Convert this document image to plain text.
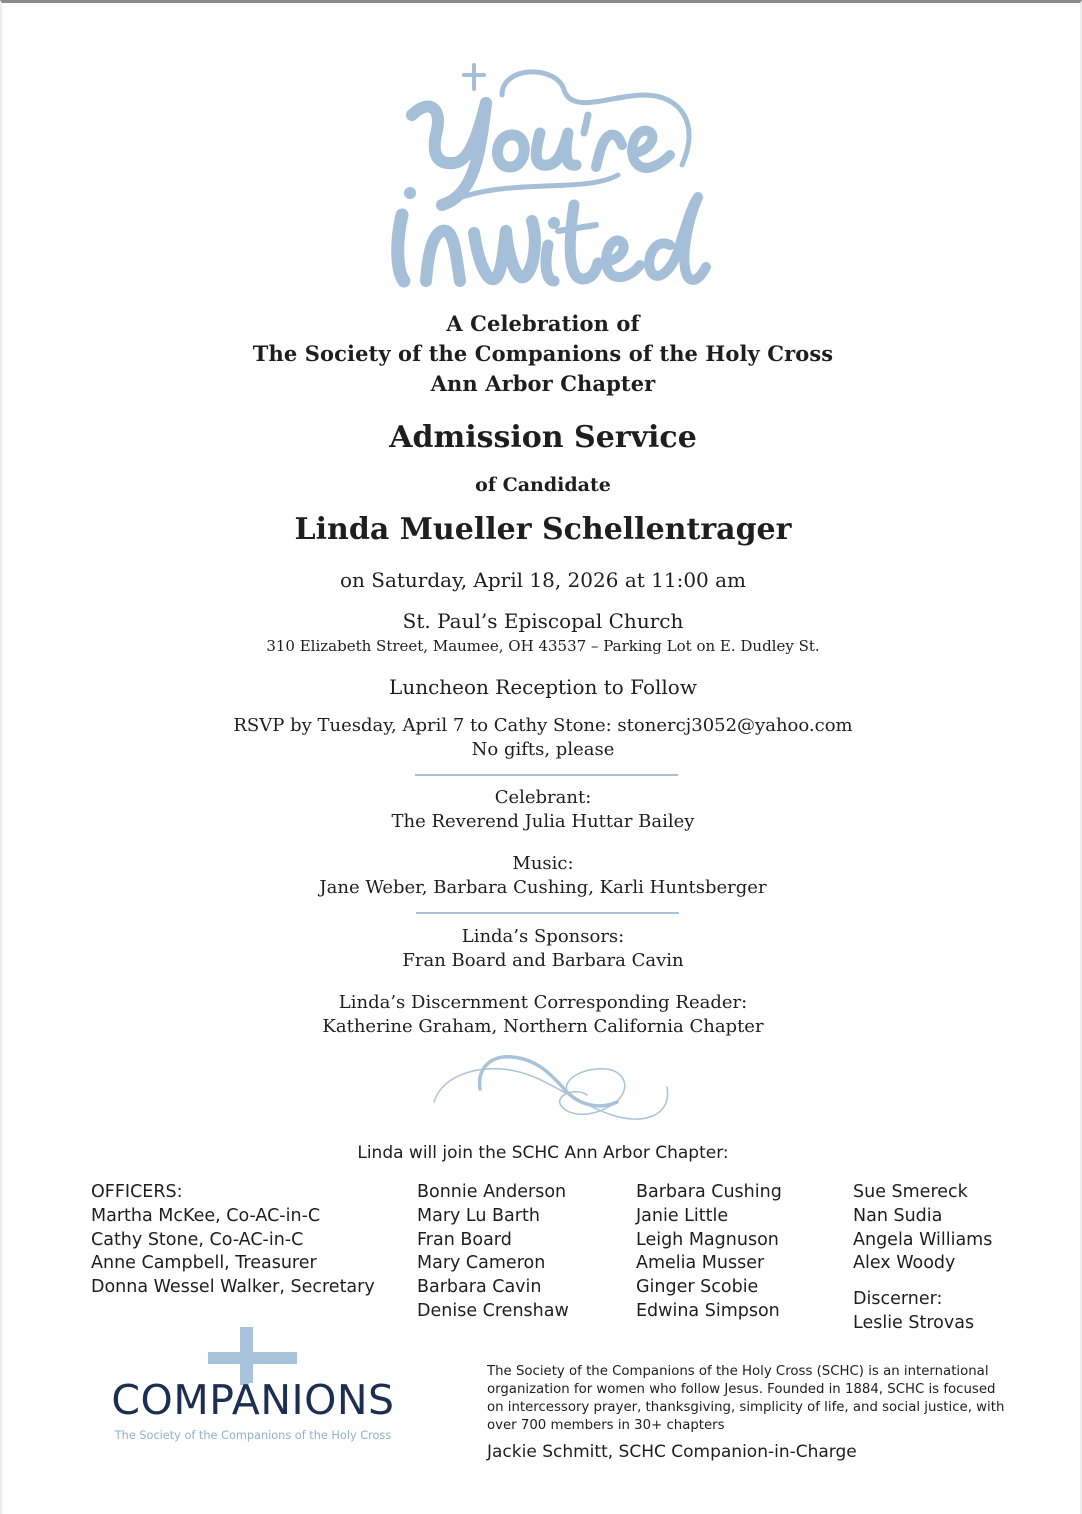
A Celebration of
The Society of the Companions of the Holy Cross
Ann Arbor Chapter
Admission Service
of Candidate
Linda Mueller Schellentrager
on Saturday, April 18, 2026 at 11:00 am
St. Paul’s Episcopal Church
310 Elizabeth Street, Maumee, OH 43537 – Parking Lot on E. Dudley St.
Luncheon Reception to Follow
RSVP by Tuesday, April 7 to Cathy Stone: stonercj3052@yahoo.com
No gifts, please
Celebrant:
The Reverend Julia Huttar Bailey
Music:
Jane Weber, Barbara Cushing, Karli Huntsberger
Linda’s Sponsors:
Fran Board and Barbara Cavin
Linda’s Discernment Corresponding Reader:
Katherine Graham, Northern California Chapter
Linda will join the SCHC Ann Arbor Chapter:
OFFICERS:
Martha McKee, Co-AC-in-C
Cathy Stone, Co-AC-in-C
Anne Campbell, Treasurer
Donna Wessel Walker, Secretary
Bonnie Anderson
Mary Lu Barth
Fran Board
Mary Cameron
Barbara Cavin
Denise Crenshaw
Barbara Cushing
Janie Little
Leigh Magnuson
Amelia Musser
Ginger Scobie
Edwina Simpson
Sue Smereck
Nan Sudia
Angela Williams
Alex Woody
Discerner:
Leslie Strovas
COMPANIONS
The Society of the Companions of the Holy Cross
The Society of the Companions of the Holy Cross (SCHC) is an international organization for women who follow Jesus. Founded in 1884, SCHC is focused on intercessory prayer, thanksgiving, simplicity of life, and social justice, with over 700 members in 30+ chapters
Jackie Schmitt, SCHC Companion-in-Charge
